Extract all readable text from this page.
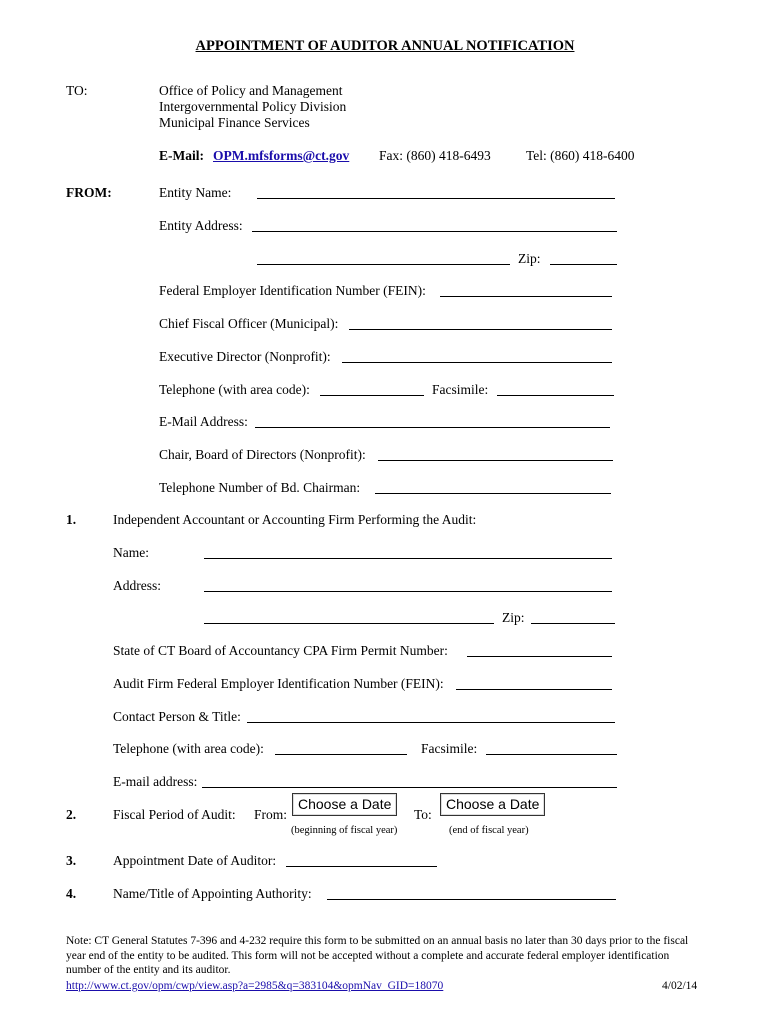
APPOINTMENT OF AUDITOR ANNUAL NOTIFICATION
TO:	Office of Policy and Management
Intergovernmental Policy Division
Municipal Finance Services
E-Mail: OPM.mfsforms@ct.gov Fax: (860) 418-6493	Tel: (860) 418-6400
FROM:	Entity Name:
Entity Address:
Zip:
Federal Employer Identification Number (FEIN):
Chief Fiscal Officer (Municipal):
Executive Director (Nonprofit):
Telephone (with area code):	Facsimile:
E-Mail Address:
Chair, Board of Directors (Nonprofit):
Telephone Number of Bd. Chairman:
1.	Independent Accountant or Accounting Firm Performing the Audit:
Name:
Address:
Zip:
State of CT Board of Accountancy CPA Firm Permit Number:
Audit Firm Federal Employer Identification Number (FEIN):
Contact Person & Title:
Telephone (with area code):	Facsimile:
E-mail address:
2.	Fiscal Period of Audit: From:
Choose a Date
To:
Choose a Date
(beginning of fiscal year)	(end of fiscal year)
3.	Appointment Date of Auditor:
4.	Name/Title of Appointing Authority:
Note: CT General Statutes 7-396 and 4-232 require this form to be submitted on an annual basis no later than 30 days prior to the fiscal year end of the entity to be audited. This form will not be accepted without a complete and accurate federal employer identification number of the entity and its auditor.
http://www.ct.gov/opm/cwp/view.asp?a=2985&q=383104&opmNav_GID=18070	4/02/14
